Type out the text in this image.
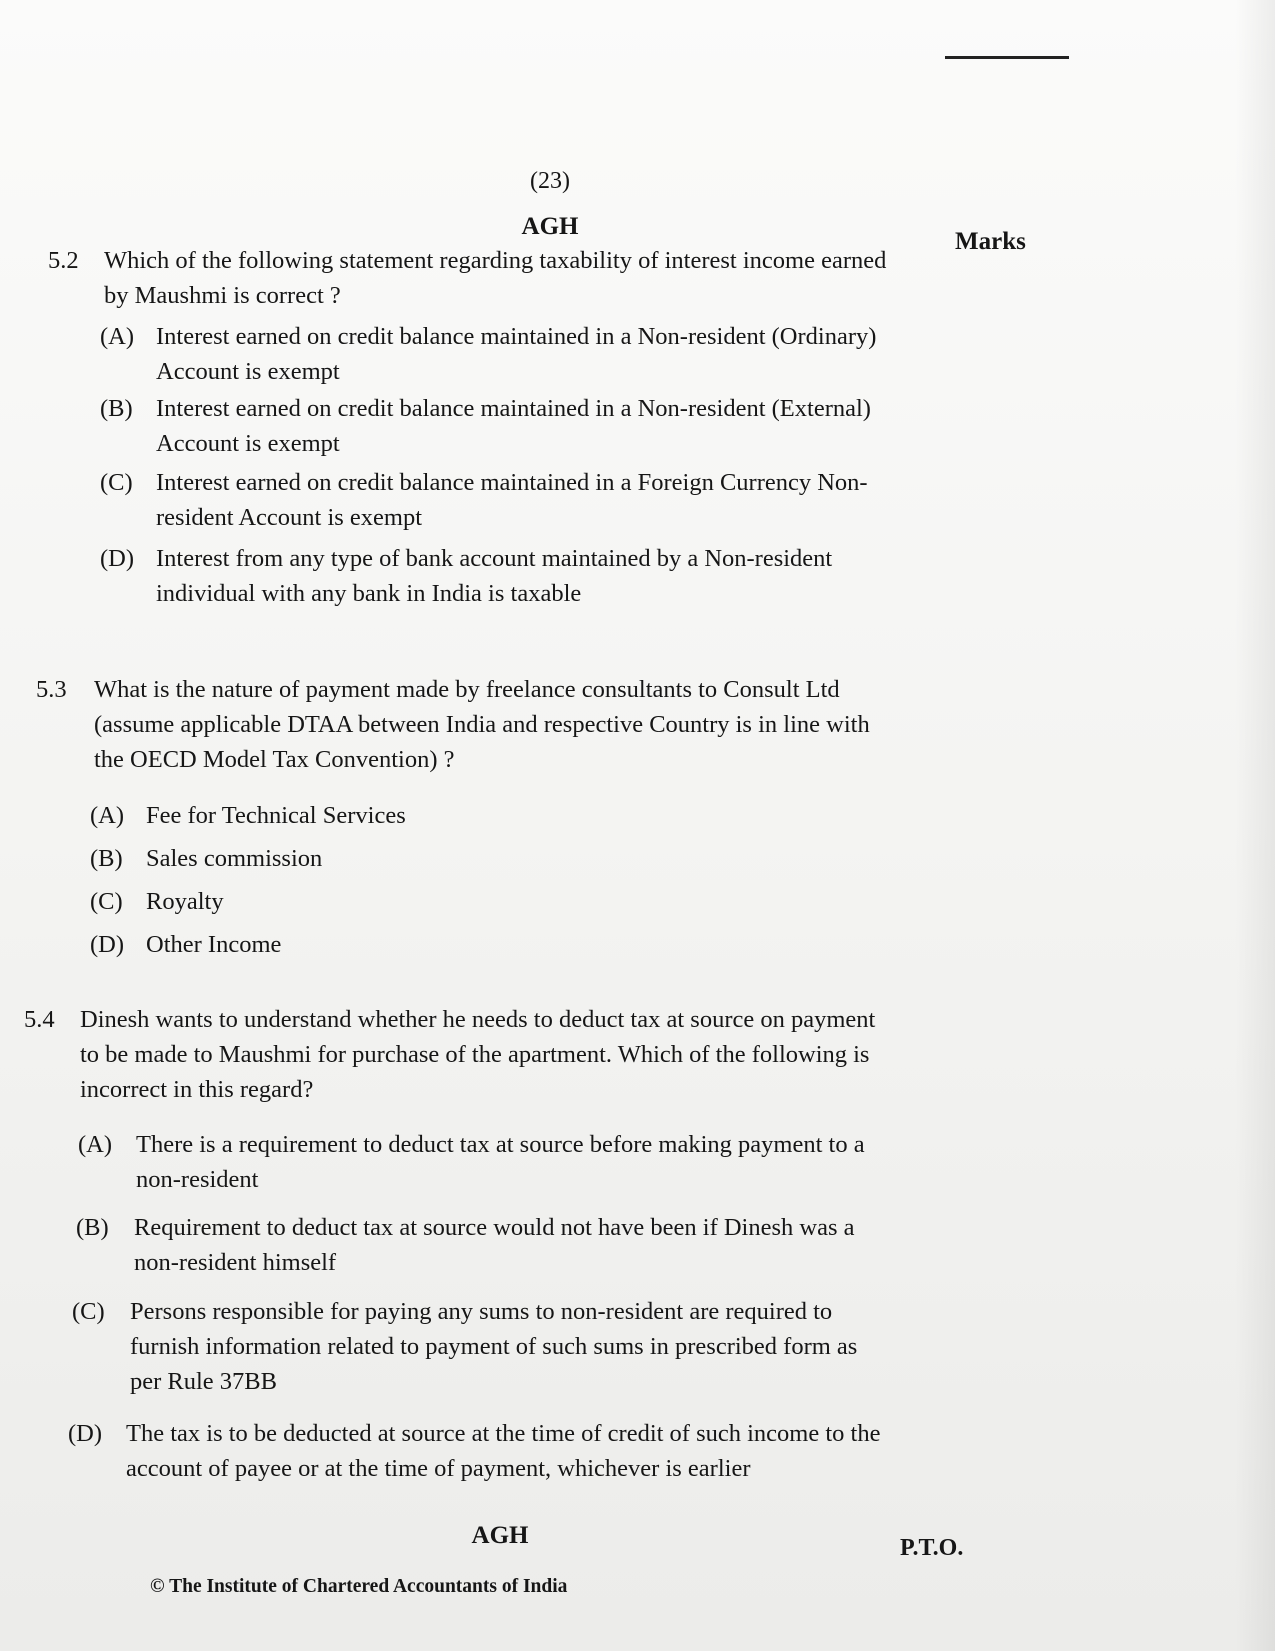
(23)
AGH
Marks
5.2 Which of the following statement regarding taxability of interest income earned by Maushmi is correct ?
(A) Interest earned on credit balance maintained in a Non-resident (Ordinary) Account is exempt
(B) Interest earned on credit balance maintained in a Non-resident (External) Account is exempt
(C) Interest earned on credit balance maintained in a Foreign Currency Non-resident Account is exempt
(D) Interest from any type of bank account maintained by a Non-resident individual with any bank in India is taxable
5.3 What is the nature of payment made by freelance consultants to Consult Ltd (assume applicable DTAA between India and respective Country is in line with the OECD Model Tax Convention) ?
(A) Fee for Technical Services
(B) Sales commission
(C) Royalty
(D) Other Income
5.4 Dinesh wants to understand whether he needs to deduct tax at source on payment to be made to Maushmi for purchase of the apartment. Which of the following is incorrect in this regard?
(A) There is a requirement to deduct tax at source before making payment to a non-resident
(B) Requirement to deduct tax at source would not have been if Dinesh was a non-resident himself
(C) Persons responsible for paying any sums to non-resident are required to furnish information related to payment of such sums in prescribed form as per Rule 37BB
(D) The tax is to be deducted at source at the time of credit of such income to the account of payee or at the time of payment, whichever is earlier
AGH	P.T.O.
© The Institute of Chartered Accountants of India
